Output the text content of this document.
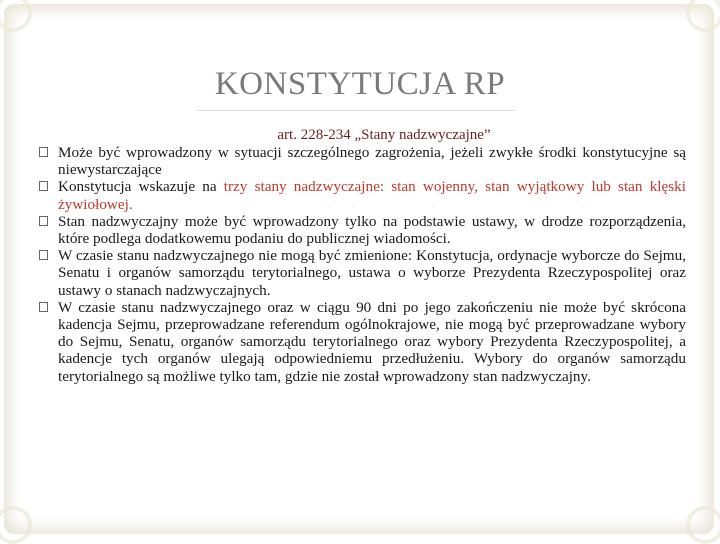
KONSTYTUCJA RP
art. 228-234 „Stany nadzwyczajne”
Może być wprowadzony w sytuacji szczególnego zagrożenia, jeżeli zwykłe środki konstytucyjne są niewystarczające
Konstytucja wskazuje na trzy stany nadzwyczajne: stan wojenny, stan wyjątkowy lub stan klęski żywiołowej.
Stan nadzwyczajny może być wprowadzony tylko na podstawie ustawy, w drodze rozporządzenia, które podlega dodatkowemu podaniu do publicznej wiadomości.
W czasie stanu nadzwyczajnego nie mogą być zmienione: Konstytucja, ordynacje wyborcze do Sejmu, Senatu i organów samorządu terytorialnego, ustawa o wyborze Prezydenta Rzeczypospolitej oraz ustawy o stanach nadzwyczajnych.
W czasie stanu nadzwyczajnego oraz w ciągu 90 dni po jego zakończeniu nie może być skrócona kadencja Sejmu, przeprowadzane referendum ogólnokrajowe, nie mogą być przeprowadzane wybory do Sejmu, Senatu, organów samorządu terytorialnego oraz wybory Prezydenta Rzeczypospolitej, a kadencje tych organów ulegają odpowiedniemu przedłużeniu. Wybory do organów samorządu terytorialnego są możliwe tylko tam, gdzie nie został wprowadzony stan nadzwyczajny.
